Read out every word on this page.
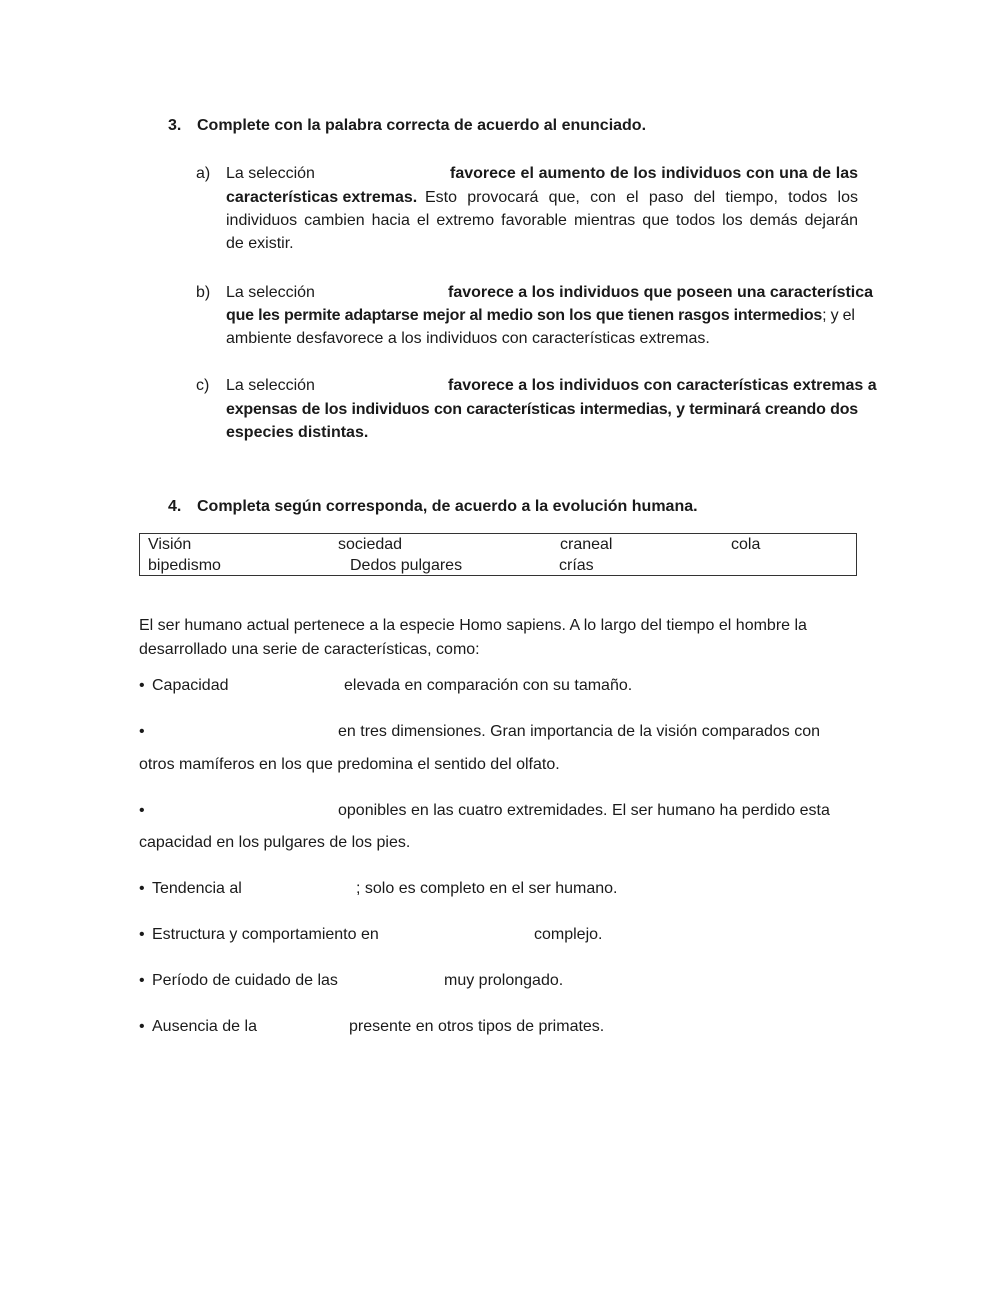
3. Complete con la palabra correcta de acuerdo al enunciado.
a) La selección	favorece el aumento de los individuos con una de las
características extremas. Esto provocará que, con el paso del tiempo, todos los
individuos cambien hacia el extremo favorable mientras que todos los demás dejarán
de existir.
b) La selección	favorece a los individuos que poseen una característica
que les permite adaptarse mejor al medio son los que tienen rasgos intermedios; y el
ambiente desfavorece a los individuos con características extremas.
c) La selección	favorece a los individuos con características extremas a
expensas de los individuos con características intermedias, y terminará creando dos
especies distintas.
4. Completa según corresponda, de acuerdo a la evolución humana.
Visión	sociedad	craneal	cola
bipedismo	Dedos pulgares	crías
El ser humano actual pertenece a la especie Homo sapiens. A lo largo del tiempo el hombre la
desarrollado una serie de características, como:
• Capacidad	elevada en comparación con su tamaño.
•	en tres dimensiones. Gran importancia de la visión comparados con
otros mamíferos en los que predomina el sentido del olfato.
•	oponibles en las cuatro extremidades. El ser humano ha perdido esta
capacidad en los pulgares de los pies.
• Tendencia al	; solo es completo en el ser humano.
• Estructura y comportamiento en	complejo.
• Período de cuidado de las	muy prolongado.
• Ausencia de la	presente en otros tipos de primates.
